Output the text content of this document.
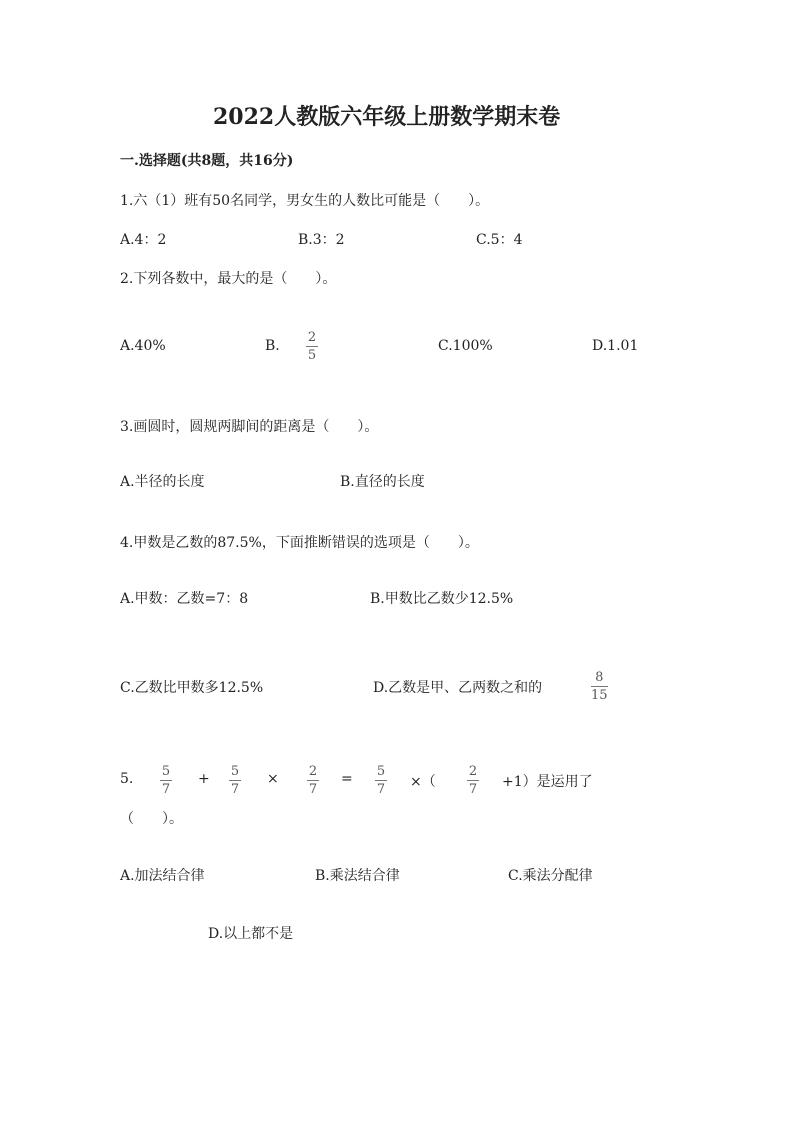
2022人教版六年级上册数学期末卷
一.选择题(共8题，共16分)
1.六（1）班有50名同学，男女生的人数比可能是（　　）。
A.4：2	B.3：2	C.5：4
2.下列各数中，最大的是（　　）。
A.40%	B.
2
5
C.100%	D.1.01
3.画圆时，圆规两脚间的距离是（　　）。
A.半径的长度	B.直径的长度
4.甲数是乙数的87.5%，下面推断错误的选项是（　　）。
A.甲数：乙数=7：8	B.甲数比乙数少12.5%
C.乙数比甲数多12.5%	D.乙数是甲、乙两数之和的
8
15
5. 5
7
+ 5
7
× 2
7
= 5
7 ×（
2
7 +1）是运用了
（　　）。
A.加法结合律	B.乘法结合律	C.乘法分配律
D.以上都不是
